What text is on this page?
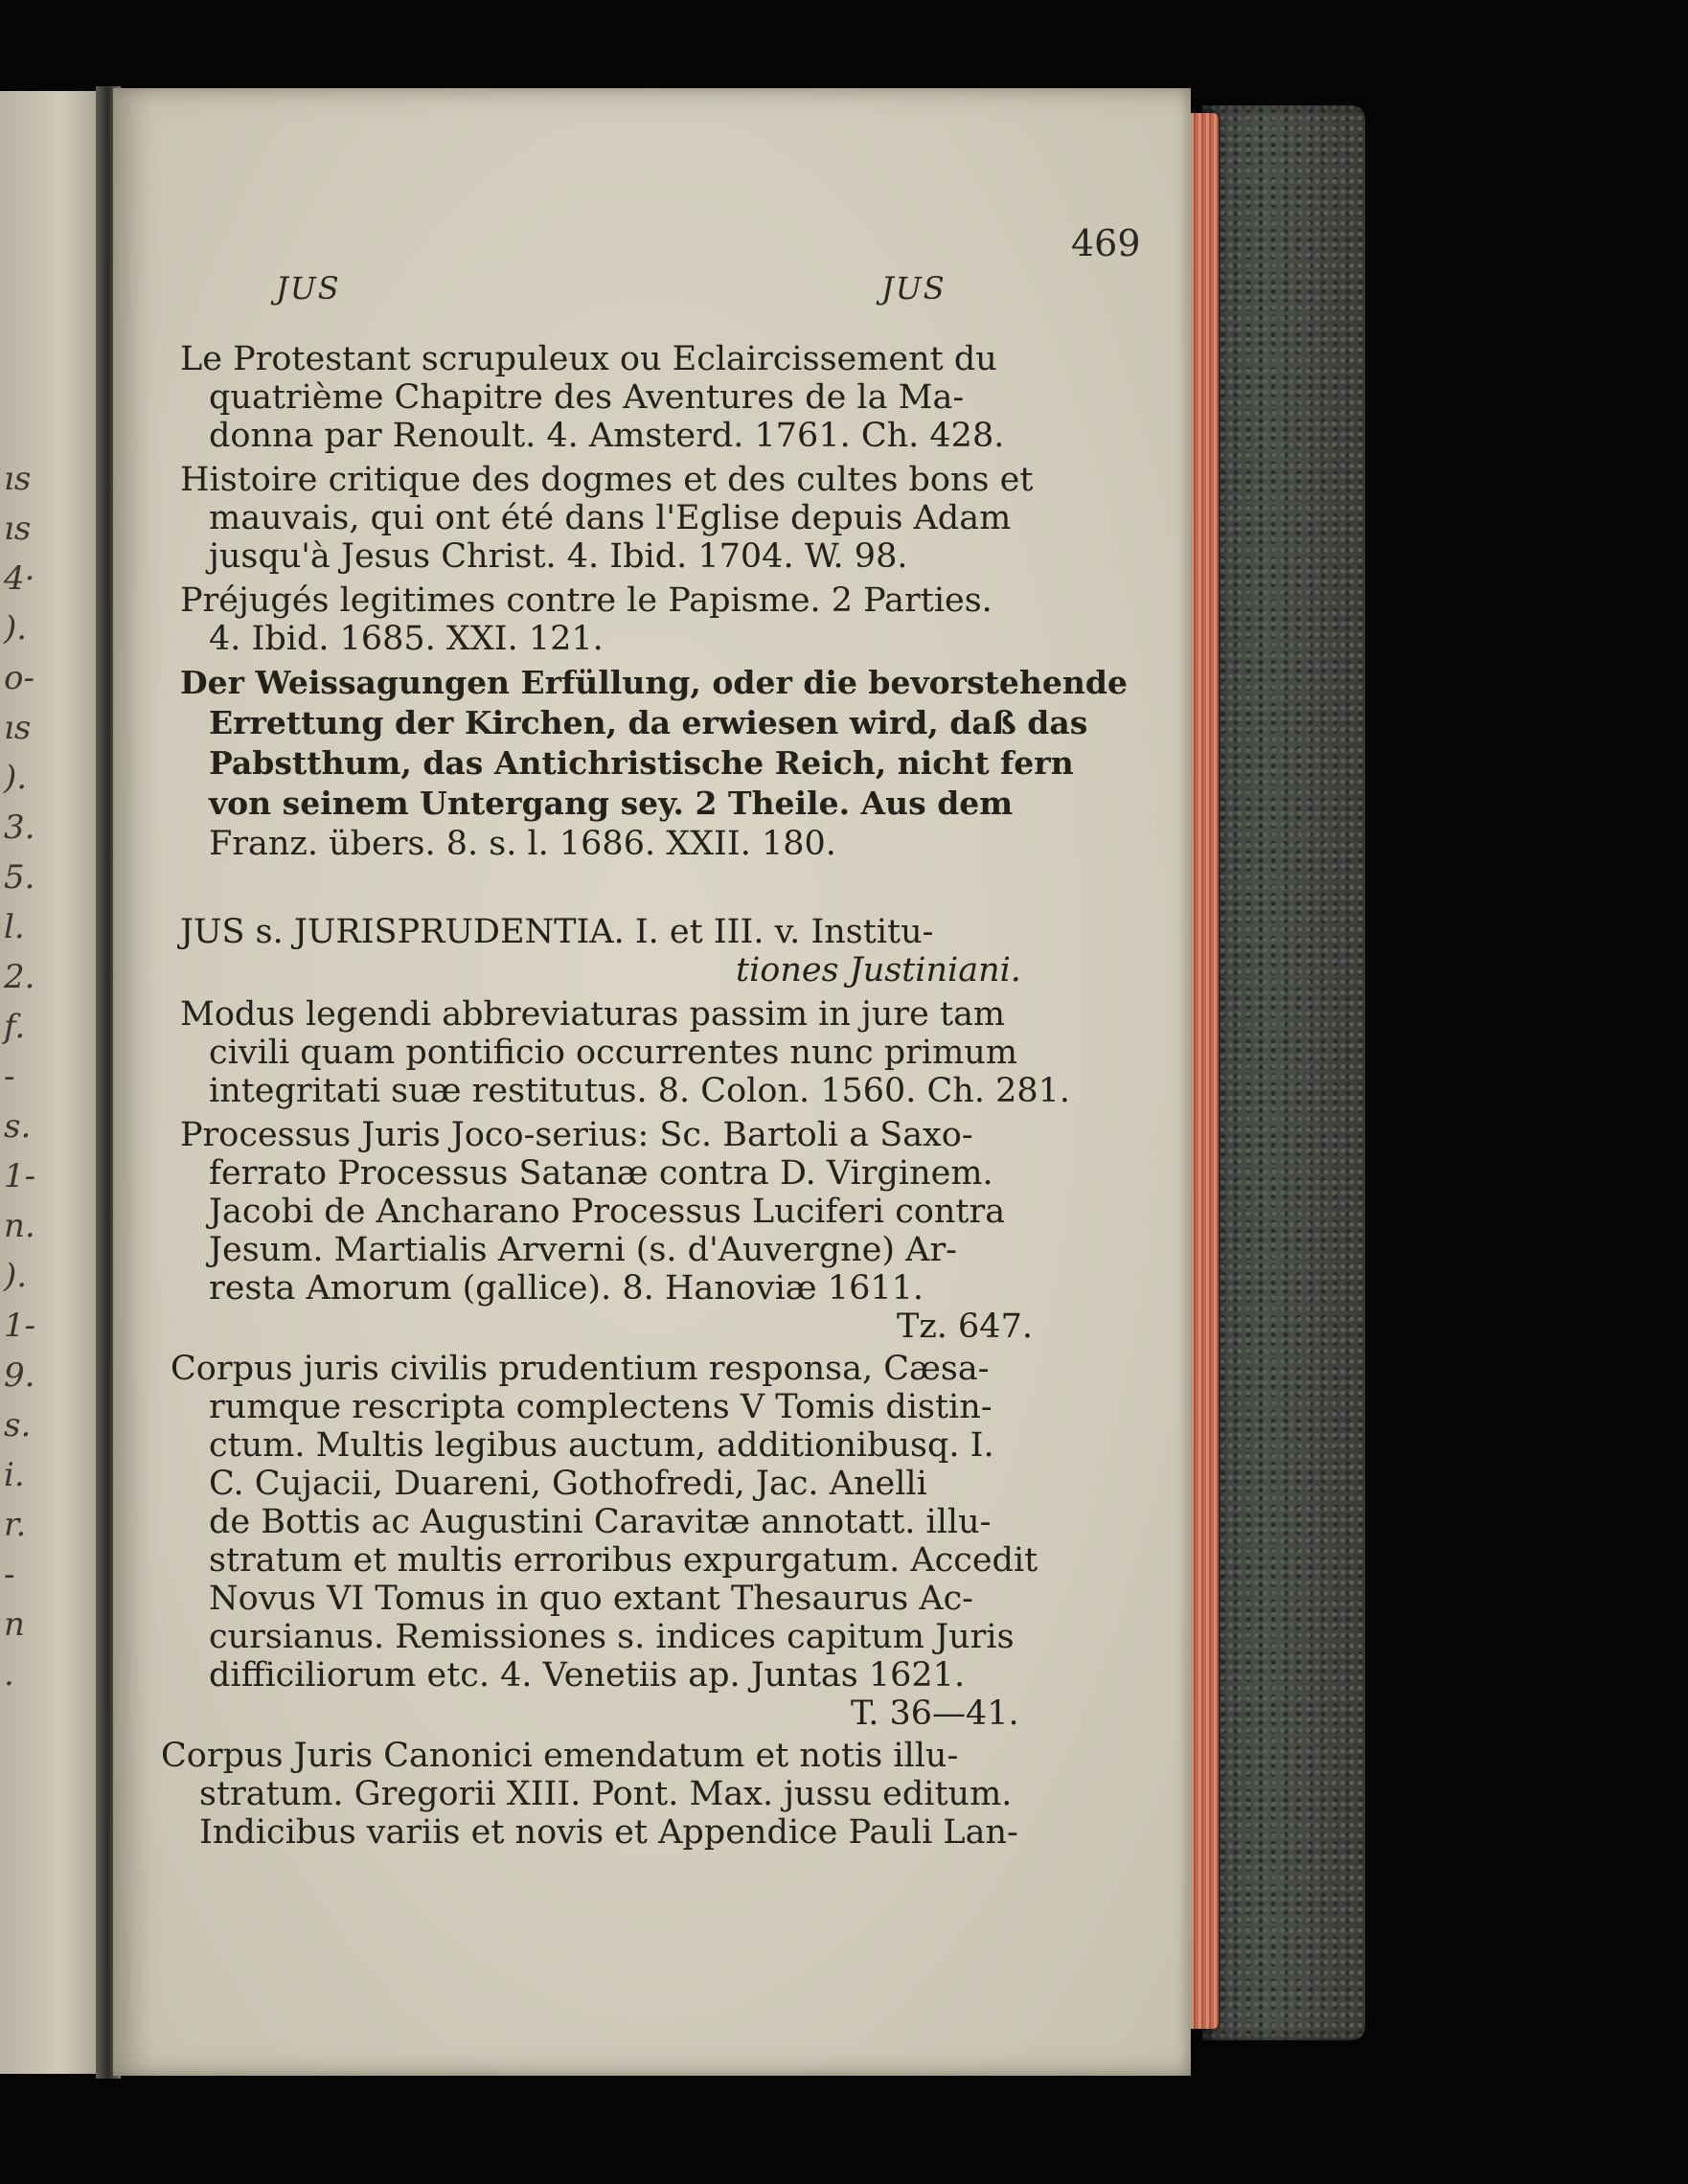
ıs
ıs
4·
).
o-
ıs
).
3.
5.
l.
2.
f.
-
s.
1-
n.
).
1-
9.
s.
i.
r.
-
n
.
JUS	JUS
469
Le Protestant scrupuleux ou Eclaircissement du
quatrième Chapitre des Aventures de la Ma-
donna par Renoult. 4. Amsterd. 1761. Ch. 428.
Histoire critique des dogmes et des cultes bons et
mauvais, qui ont été dans l'Eglise depuis Adam
jusqu'à Jesus Christ. 4. Ibid. 1704. W. 98.
Préjugés legitimes contre le Papisme. 2 Parties.
4. Ibid. 1685. XXI. 121.
Der Weissagungen Erfüllung, oder die bevorstehende
Errettung der Kirchen, da erwiesen wird, daß das
Pabstthum, das Antichristische Reich, nicht fern
von seinem Untergang sey. 2 Theile. Aus dem
Franz. übers. 8. s. l. 1686. XXII. 180.
JUS s. JURISPRUDENTIA. I. et III. v. Institu-
tiones Justiniani.
Modus legendi abbreviaturas passim in jure tam
civili quam pontificio occurrentes nunc primum
integritati suæ restitutus. 8. Colon. 1560. Ch. 281.
Processus Juris Joco-serius: Sc. Bartoli a Saxo-
ferrato Processus Satanæ contra D. Virginem.
Jacobi de Ancharano Processus Luciferi contra
Jesum. Martialis Arverni (s. d'Auvergne) Ar-
resta Amorum (gallice). 8. Hanoviæ 1611.
Tz. 647.
Corpus juris civilis prudentium responsa, Cæsa-
rumque rescripta complectens V Tomis distin-
ctum. Multis legibus auctum, additionibusq. I.
C. Cujacii, Duareni, Gothofredi, Jac. Anelli
de Bottis ac Augustini Caravitæ annotatt. illu-
stratum et multis erroribus expurgatum. Accedit
Novus VI Tomus in quo extant Thesaurus Ac-
cursianus. Remissiones s. indices capitum Juris
difficiliorum etc. 4. Venetiis ap. Juntas 1621.
T. 36—41.
Corpus Juris Canonici emendatum et notis illu-
stratum. Gregorii XIII. Pont. Max. jussu editum.
Indicibus variis et novis et Appendice Pauli Lan-
